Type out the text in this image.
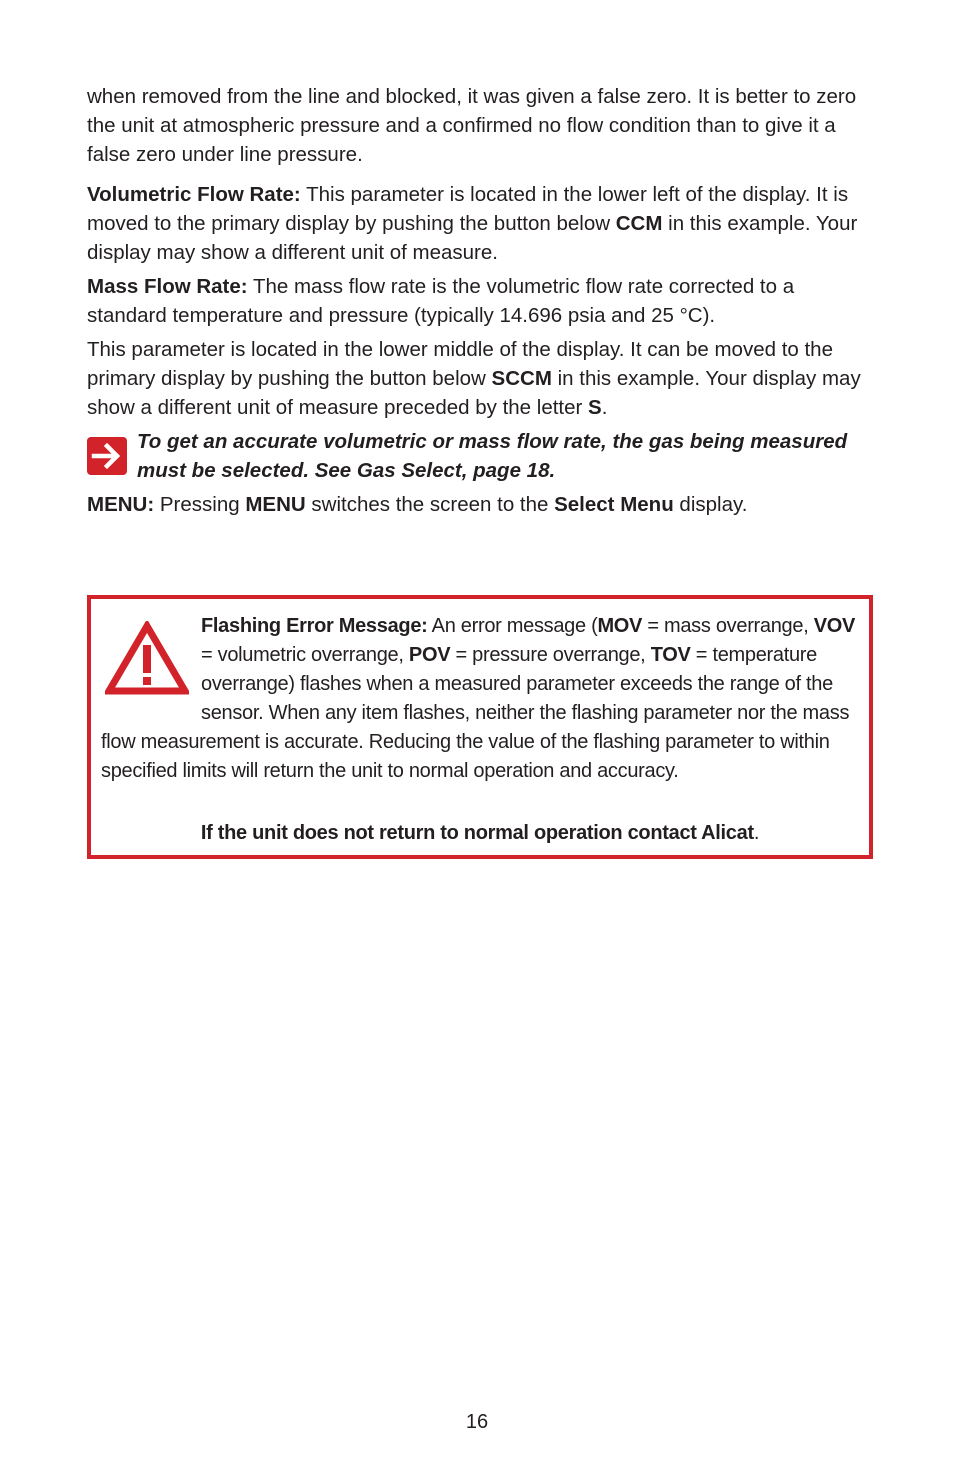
when removed from the line and blocked, it was given a false zero. It is better to zero the unit at atmospheric pressure and a confirmed no flow condition than to give it a false zero under line pressure.

Volumetric Flow Rate: This parameter is located in the lower left of the display. It is moved to the primary display by pushing the button below CCM in this example. Your display may show a different unit of measure.

Mass Flow Rate: The mass flow rate is the volumetric flow rate corrected to a standard temperature and pressure (typically 14.696 psia and 25 °C).

This parameter is located in the lower middle of the display. It can be moved to the primary display by pushing the button below SCCM in this example. Your display may show a different unit of measure preceded by the letter S.

To get an accurate volumetric or mass flow rate, the gas being measured must be selected. See Gas Select, page 18.

MENU: Pressing MENU switches the screen to the Select Menu display.

Flashing Error Message: An error message (MOV = mass overrange, VOV = volumetric overrange, POV = pressure overrange, TOV = temperature overrange) flashes when a measured parameter exceeds the range of the sensor. When any item flashes, neither the flashing parameter nor the mass flow measurement is accurate. Reducing the value of the flashing parameter to within specified limits will return the unit to normal operation and accuracy.

If the unit does not return to normal operation contact Alicat.

16
